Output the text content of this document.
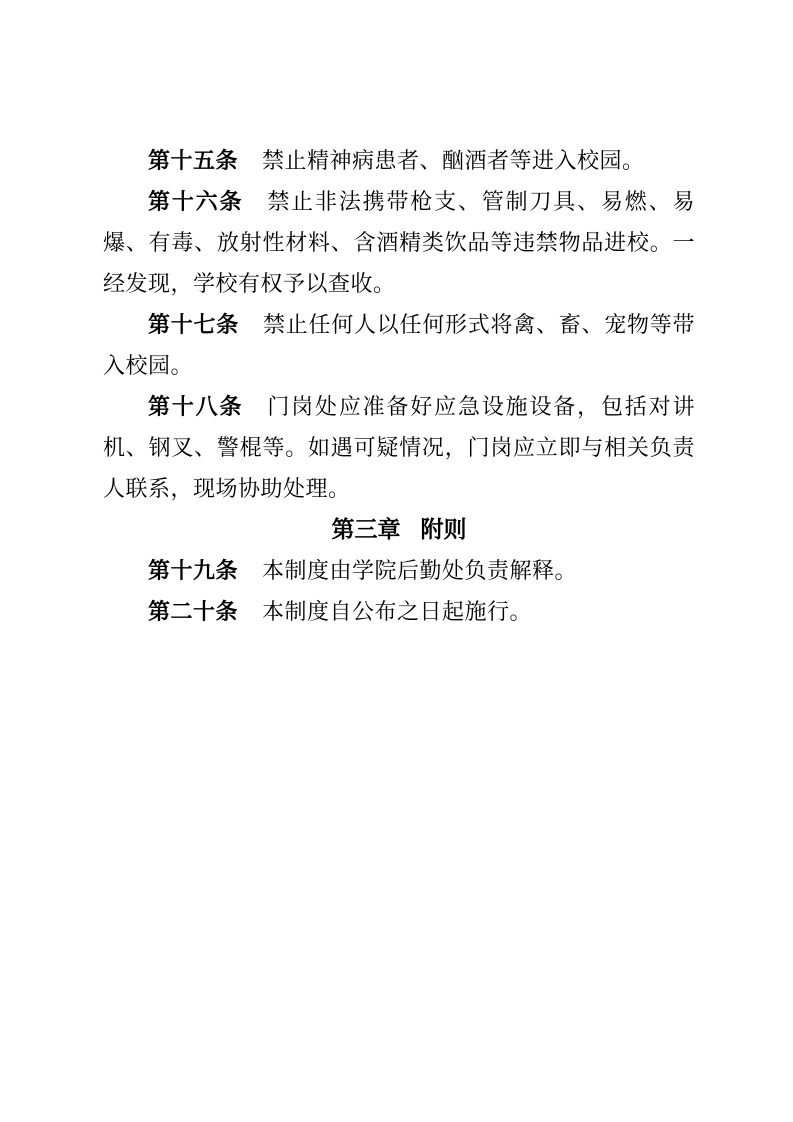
第十五条 禁止精神病患者、酗酒者等进入校园。

第十六条 禁止非法携带枪支、管制刀具、易燃、易爆、有毒、放射性材料、含酒精类饮品等违禁物品进校。一经发现，学校有权予以查收。

第十七条 禁止任何人以任何形式将禽、畜、宠物等带入校园。

第十八条 门岗处应准备好应急设施设备，包括对讲机、钢叉、警棍等。如遇可疑情况，门岗应立即与相关负责人联系，现场协助处理。

第三章 附则

第十九条 本制度由学院后勤处负责解释。

第二十条 本制度自公布之日起施行。
